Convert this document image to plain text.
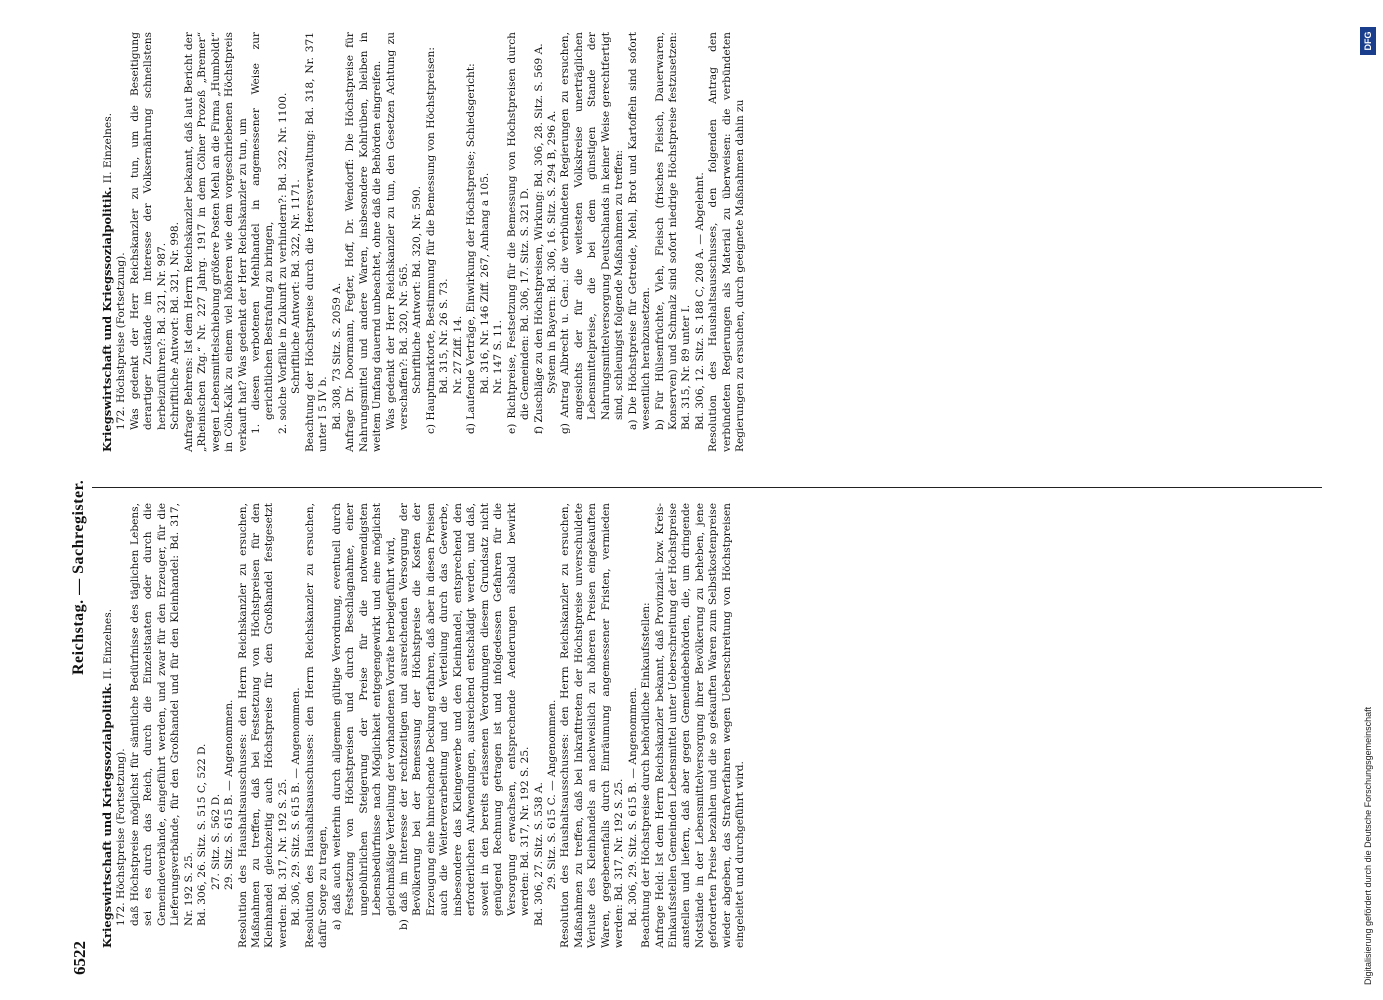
6522
Reichstag. — Sachregister.

Kriegswirtschaft und Kriegssozialpolitik. II. Einzelnes.

172. Höchstpreise (Fortsetzung). daß Höchstpreise möglichst für sämtliche Bedürfnisse des täglichen Lebens, sei es durch das Reich, durch die Einzelstaaten oder durch die Gemeindeverbände, eingeführt werden, und zwar für den Erzeuger, für die Lieferungsverbände, für den Großhandel und für den Kleinhandel: Bd. 317, Nr. 192 S. 25. Bd. 306, 26. Sitz. S. 515 C, 522 D. 27. Sitz. S. 562 D. 29. Sitz. S. 615 B. — Angenommen. Resolution des Haushaltsausschusses: den Herrn Reichskanzler zu ersuchen, Maßnahmen zu treffen, daß bei Festsetzung von Höchstpreisen für den Kleinhandel gleichzeitig auch Höchstpreise für den Großhandel festgesetzt werden: Bd. 317, Nr. 192 S. 25. Bd. 306, 29. Sitz. S. 615 B. — Angenommen. Resolution des Haushaltsausschusses: den Herrn Reichskanzler zu ersuchen, dafür Sorge zu tragen, a) daß auch weiterhin durch allgemein gültige Verordnung, eventuell durch Festsetzung von Höchstpreisen und durch Beschlagnahme, einer ungebührlichen Steigerung der Preise für die notwendigsten Lebensbedürfnisse nach Möglichkeit entgegengewirkt und eine möglichst gleichmäßige Verteilung der vorhandenen Vorräte herbeigeführt wird, b) daß im Interesse der rechtzeitigen und ausreichenden Versorgung der Bevölkerung bei der Bemessung der Höchstpreise die Kosten der Erzeugung eine hinreichende Deckung erfahren, daß aber in diesen Preisen auch die Weiterverarbeitung und die Verteilung durch das Gewerbe, insbesondere das Kleingewerbe und den Kleinhandel, entsprechend den erforderlichen Aufwendungen, ausreichend entschädigt werden, und daß, soweit in den bereits erlassenen Verordnungen diesem Grundsatz nicht genügend Rechnung getragen ist und infolgedessen Gefahren für die Versorgung erwachsen, entsprechende Aenderungen alsbald bewirkt werden: Bd. 317, Nr. 192 S. 25. Bd. 306, 27. Sitz. S. 538 A. 29. Sitz. S. 615 C. — Angenommen. Resolution des Haushaltsausschusses: den Herrn Reichskanzler zu ersuchen, Maßnahmen zu treffen, daß bei Inkrafttreten der Höchstpreise unverschuldete Verluste des Kleinhandels an nachweislich zu höheren Preisen eingekauften Waren, gegebenenfalls durch Einräumung angemessener Fristen, vermieden werden: Bd. 317, Nr. 192 S. 25. Bd. 306, 29. Sitz. S. 615 B. — Angenommen. Beachtung der Höchstpreise durch behördliche Einkaufsstellen: Anfrage Held: Ist dem Herrn Reichskanzler bekannt, daß Provinzial- bzw. Kreis-Einkaufsstellen Gemeinden Lebensmittel unter Ueberschreitung der Höchstpreise anstellen und liefern, daß aber gegen Gemeindebehörden, die, um dringende Notstände in der Lebensmittelversorgung ihrer Bevölkerung zu beheben, jene geforderten Preise bezahlen und die so gekauften Waren zum Selbstkostenpreise wieder abgeben, das Strafverfahren wegen Ueberschreitung von Höchstpreisen eingeleitet und durchgeführt wird.

Kriegswirtschaft und Kriegssozialpolitik. II. Einzelnes.

172. Höchstpreise (Fortsetzung). Was gedenkt der Herr Reichskanzler zu tun, um die Beseitigung derartiger Zustände im Interesse der Volksernährung schnellstens herbeizuführen?: Bd. 321, Nr. 987. Schriftliche Antwort: Bd. 321, Nr. 998. Anfrage Behrens: Ist dem Herrn Reichskanzler bekannt, daß laut Bericht der „Rheinischen Ztg.“ Nr. 227 Jahrg. 1917 in dem Cölner Prozeß „Bremer“ wegen Lebensmittelschiebung größere Posten Mehl an die Firma „Humboldt“ in Cöln-Kalk zu einem viel höheren wie dem vorgeschriebenen Höchstpreis verkauft hat? Was gedenkt der Herr Reichskanzler zu tun, um 1. diesen verbotenen Mehlhandel in angemessener Weise zur gerichtlichen Bestrafung zu bringen, 2. solche Vorfälle in Zukunft zu verhindern?: Bd. 322, Nr. 1100. Schriftliche Antwort: Bd. 322, Nr. 1171. Beachtung der Höchstpreise durch die Heeresverwaltung: Bd. 318, Nr. 371 unter I 5 IV b. Bd. 308, 73 Sitz. S. 2059 A. Anfrage Dr. Doormann, Fegter, Hoff, Dr. Wendorff: Die Höchstpreise für Nahrungsmittel und andere Waren, insbesondere Kohlrüben, bleiben in weitem Umfang dauernd unbeachtet, ohne daß die Behörden eingreifen. Was gedenkt der Herr Reichskanzler zu tun, den Gesetzen Achtung zu verschaffen?: Bd. 320, Nr. 565. Schriftliche Antwort: Bd. 320, Nr. 590. c) Hauptmarktorte, Bestimmung für die Bemessung von Höchstpreisen: Bd. 315, Nr. 26 S. 73. Nr. 27 Ziff. 14. d) Laufende Verträge, Einwirkung der Höchstpreise; Schiedsgericht: Bd. 316, Nr. 146 Ziff. 267, Anhang a 105. Nr. 147 S. 11. e) Richtpreise, Festsetzung für die Bemessung von Höchstpreisen durch die Gemeinden: Bd. 306, 17. Sitz. S. 321 D. f) Zuschläge zu den Höchstpreisen, Wirkung: Bd. 306, 28. Sitz. S. 569 A. System in Bayern: Bd. 306, 16. Sitz. S. 294 B, 296 A. g) Antrag Albrecht u. Gen.: die verbündeten Regierungen zu ersuchen, angesichts der für die weitesten Volkskreise unerträglichen Lebensmittelpreise, die bei dem günstigen Stande der Nahrungsmittelversorgung Deutschlands in keiner Weise gerechtfertigt sind, schleunigst folgende Maßnahmen zu treffen: a) Die Höchstpreise für Getreide, Mehl, Brot und Kartoffeln sind sofort wesentlich herabzusetzen. b) Für Hülsenfrüchte, Vieh, Fleisch (frisches Fleisch, Dauerwaren, Konserven) und Schmalz sind sofort niedrige Höchstpreise festzusetzen: Bd. 315, Nr. 89 unter I. Bd. 306, 12. Sitz. S. 188 C, 208 A. — Abgelehnt. Resolution des Haushaltsausschusses, den folgenden Antrag den verbündeten Regierungen als Material zu überweisen: die verbündeten Regierungen zu ersuchen, durch geeignete Maßnahmen dahin zu

Digitalisierung gefördert durch die Deutsche Forschungsgemeinschaft
DFG
